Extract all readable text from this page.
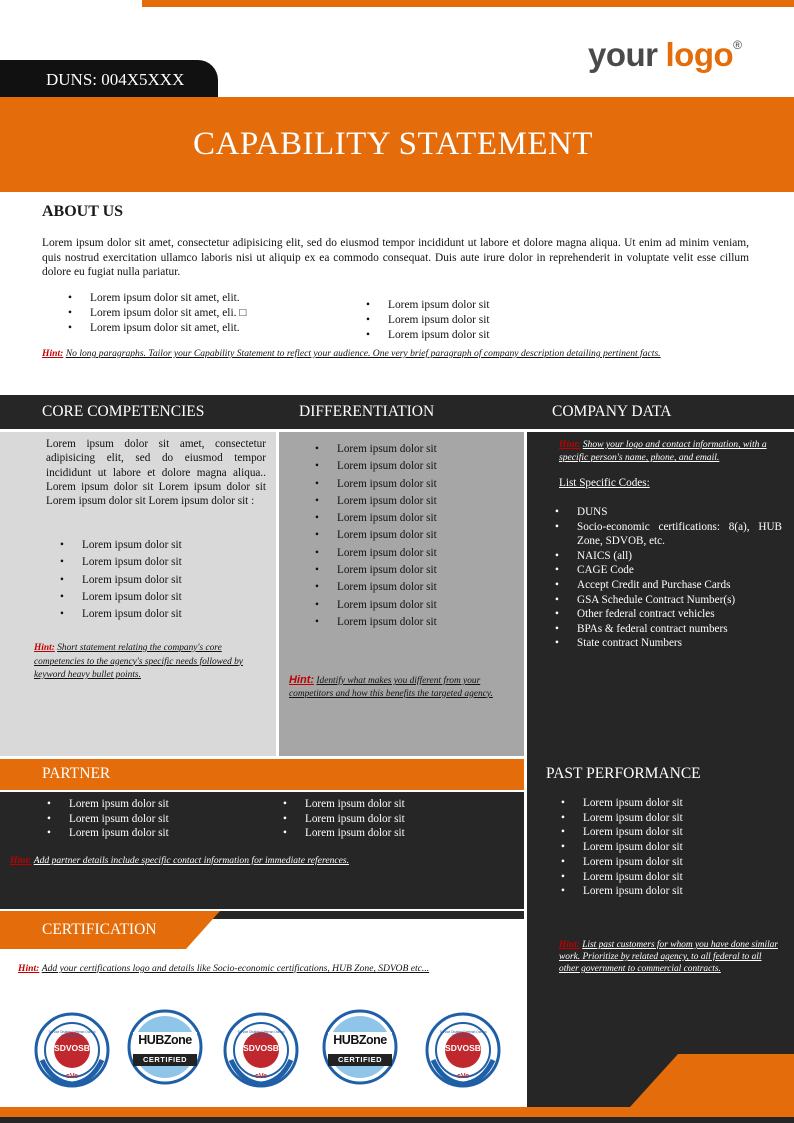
your logo®
DUNS: 004X5XXX
CAPABILITY STATEMENT
ABOUT US
Lorem ipsum dolor sit amet, consectetur adipisicing elit, sed do eiusmod tempor incididunt ut labore et dolore magna aliqua. Ut enim ad minim veniam, quis nostrud exercitation ullamco laboris nisi ut aliquip ex ea commodo consequat. Duis aute irure dolor in reprehenderit in voluptate velit esse cillum dolore eu fugiat nulla pariatur.
• Lorem ipsum dolor sit amet, elit.
• Lorem ipsum dolor sit amet, eli. □
• Lorem ipsum dolor sit amet, elit.
• Lorem ipsum dolor sit
• Lorem ipsum dolor sit
• Lorem ipsum dolor sit
Hint: No long paragraphs. Tailor your Capability Statement to reflect your audience. One very brief paragraph of company description detailing pertinent facts.
CORE COMPETENCIES	DIFFERENTIATION	COMPANY DATA
Lorem ipsum dolor sit amet, consectetur adipisicing elit, sed do eiusmod tempor incididunt ut labore et dolore magna aliqua.. Lorem ipsum dolor sit Lorem ipsum dolor sit Lorem ipsum dolor sit Lorem ipsum dolor sit :
• Lorem ipsum dolor sit
• Lorem ipsum dolor sit
• Lorem ipsum dolor sit
• Lorem ipsum dolor sit
• Lorem ipsum dolor sit
Hint: Short statement relating the company's core competencies to the agency's specific needs followed by keyword heavy bullet points.
• Lorem ipsum dolor sit
• Lorem ipsum dolor sit
• Lorem ipsum dolor sit
• Lorem ipsum dolor sit
• Lorem ipsum dolor sit
• Lorem ipsum dolor sit
• Lorem ipsum dolor sit
• Lorem ipsum dolor sit
• Lorem ipsum dolor sit
• Lorem ipsum dolor sit
• Lorem ipsum dolor sit
Hint: Identify what makes you different from your competitors and how this benefits the targeted agency.
Hint: Show your logo and contact information, with a specific person's name, phone, and email.
List Specific Codes:
• DUNS
• Socio-economic certifications: 8(a), HUB Zone, SDVOB, etc.
• NAICS (all)
• CAGE Code
• Accept Credit and Purchase Cards
• GSA Schedule Contract Number(s)
• Other federal contract vehicles
• BPAs & federal contract numbers
• State contract Numbers
PAST PERFORMANCE
• Lorem ipsum dolor sit
• Lorem ipsum dolor sit
• Lorem ipsum dolor sit
• Lorem ipsum dolor sit
• Lorem ipsum dolor sit
• Lorem ipsum dolor sit
• Lorem ipsum dolor sit
Hint: List past customers for whom you have done similar work. Prioritize by related agency, to all federal to all other government to commercial contracts.
PARTNER
• Lorem ipsum dolor sit
• Lorem ipsum dolor sit
• Lorem ipsum dolor sit
• Lorem ipsum dolor sit
• Lorem ipsum dolor sit
• Lorem ipsum dolor sit
Hint: Add partner details include specific contact information for immediate references.
CERTIFICATION
Hint: Add your certifications logo and details like Socio-economic certifications, HUB Zone, SDVOB etc...
SDVOSB
Service Disabled Veteran Owned Small Business
cVe
HUBZone
CERTIFIED
SDVOSB
Service Disabled Veteran Owned Small Business
cVe
HUBZone
CERTIFIED
SDVOSB
Service Disabled Veteran Owned Small Business
cVe
